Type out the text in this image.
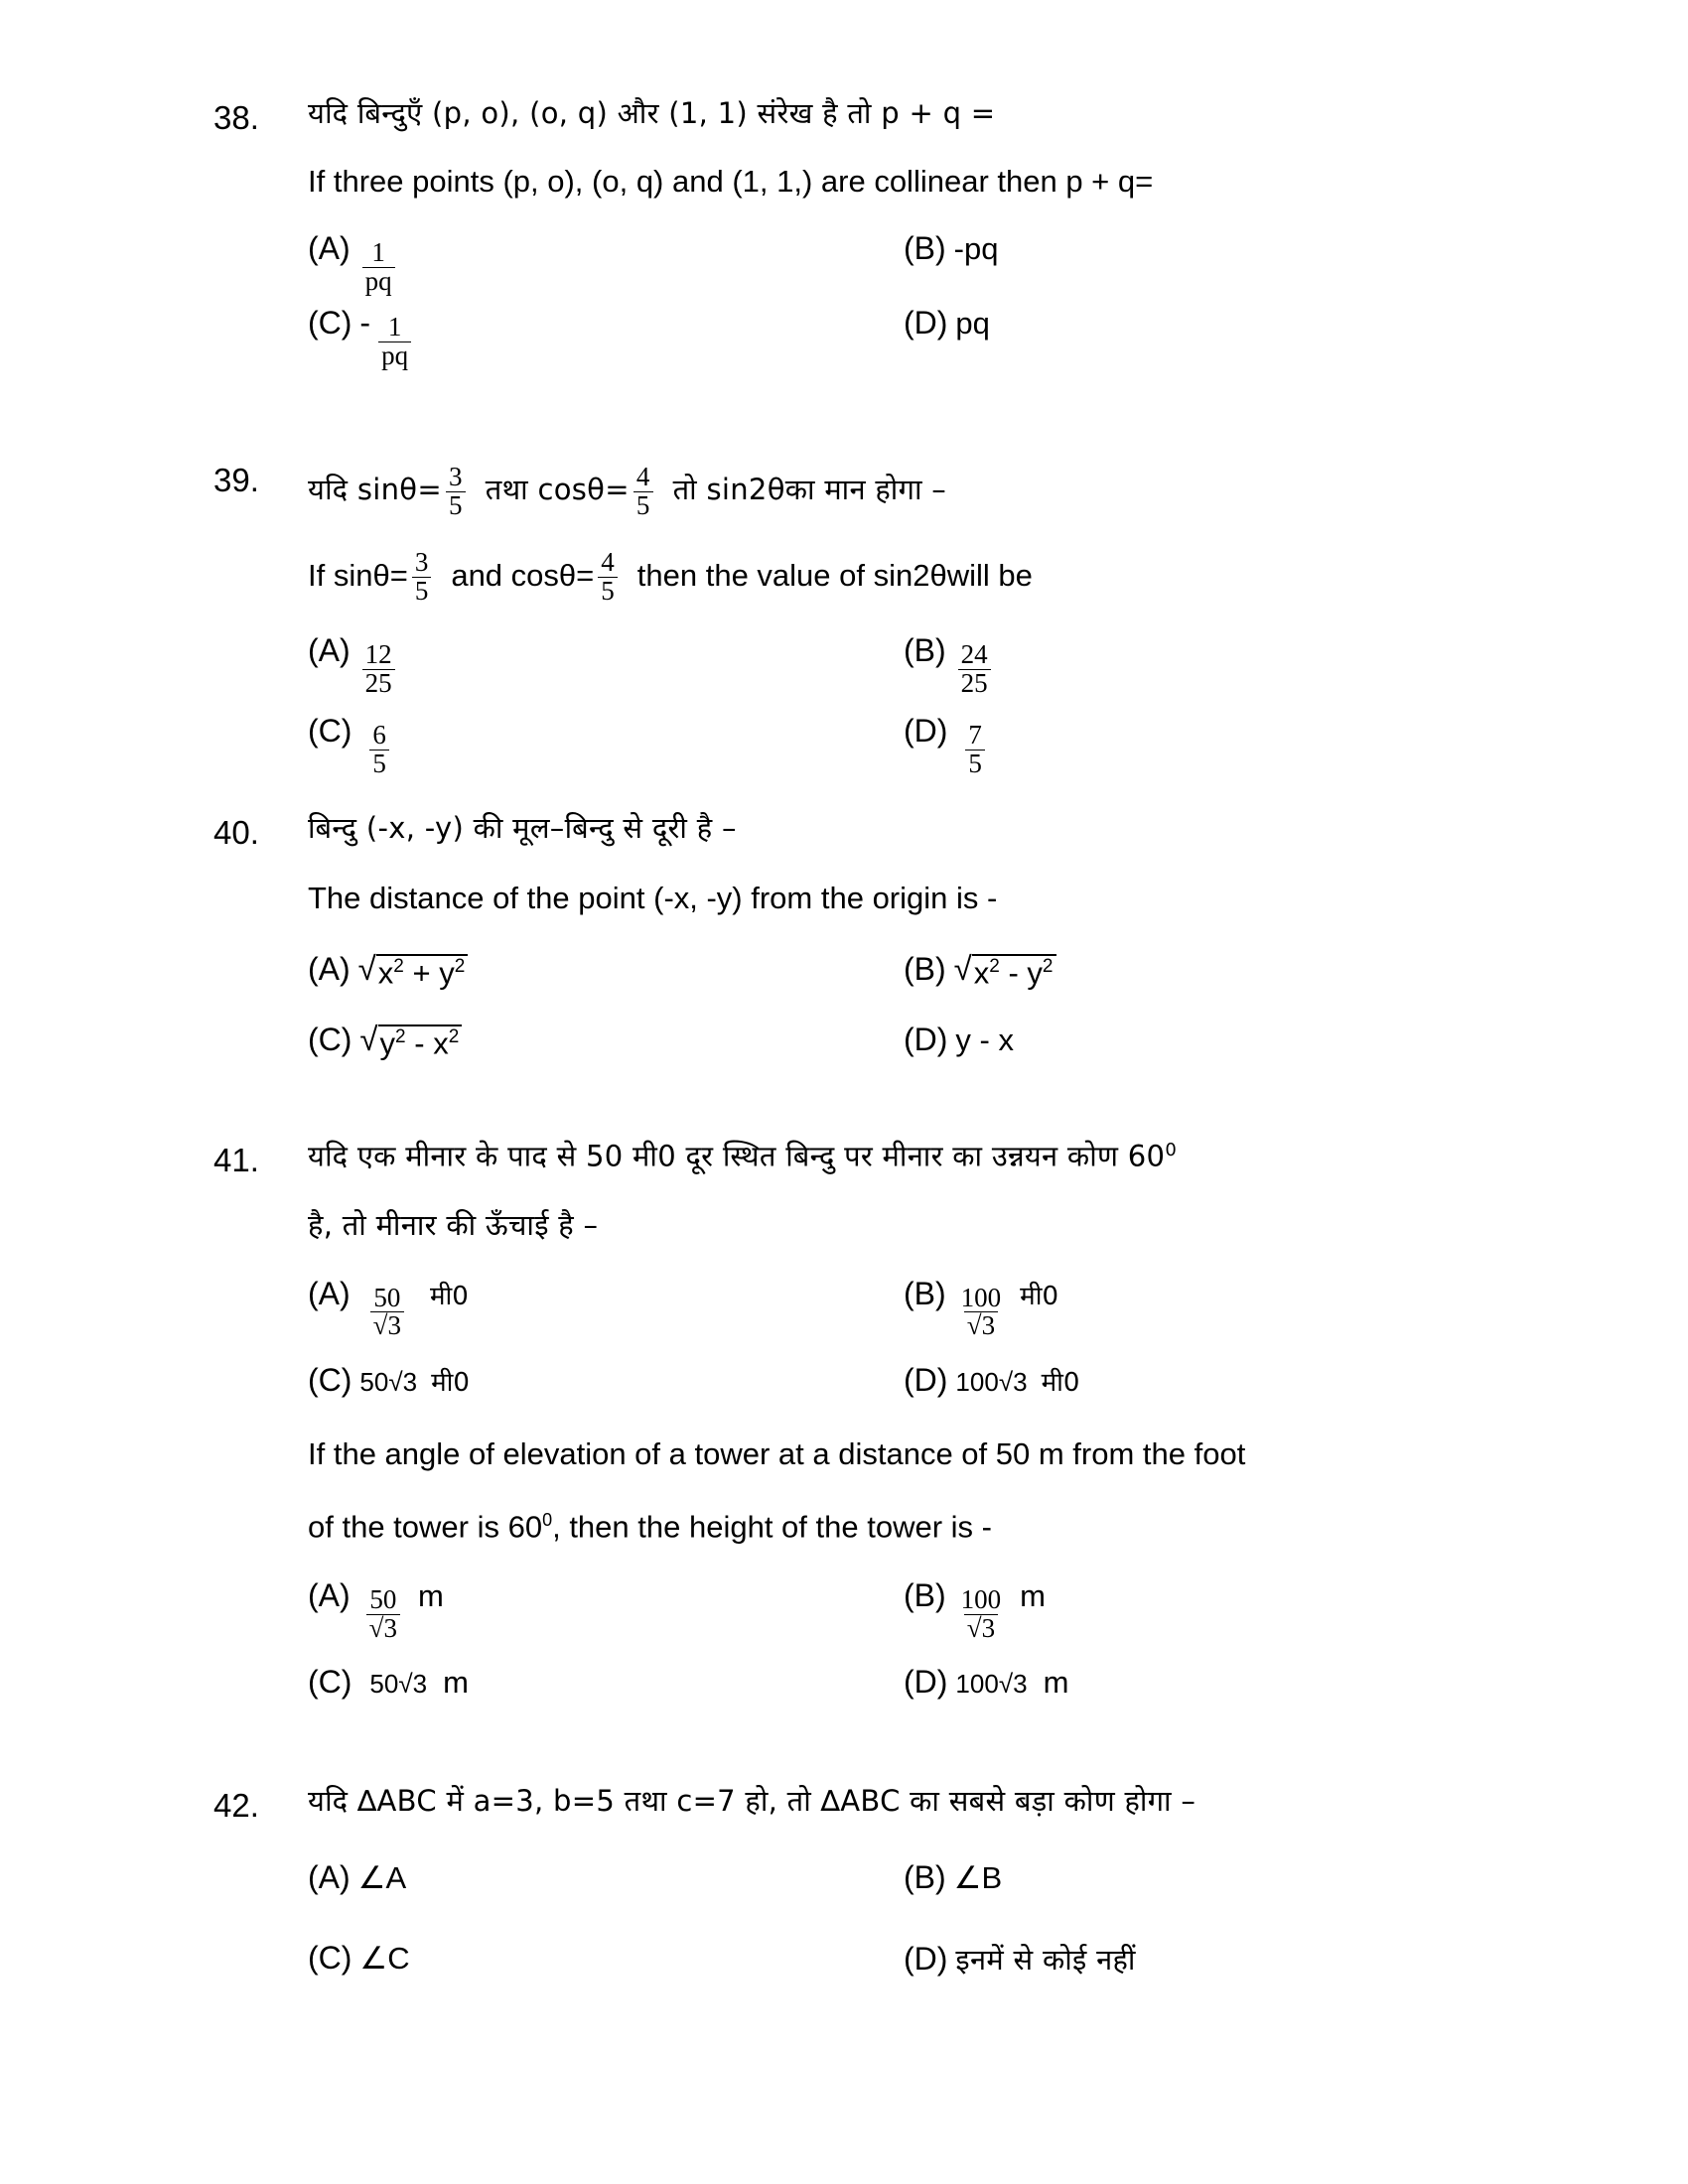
38.	यदि बिन्दुएँ (p, o), (o, q) और (1, 1) संरेख है तो p + q =
If three points (p, o), (o, q) and (1, 1,) are collinear then p + q=
$(A) \frac{1}{pq}$	(B) -pq
$(C) - \frac{1}{pq}$	(D) pq
39.	यदि $\sin \theta = \frac{3}{5}$ तथा $\cos \theta = \frac{4}{5}$ तो sin2 θ का मान होगा –
If $\sin \theta = \frac{3}{5}$ and $\cos \theta = \frac{4}{5}$ then the value of sin2 θ will be
$(A) \frac{12}{25}$	$(B) \frac{24}{25}$
$(C) \frac{6}{5}$	$(D) \frac{7}{5}$
40.	बिन्दु (-x, -y) की मूल–बिन्दु से दूरी है –
The distance of the point (-x, -y) from the origin is -
(A) √ $x^2 + y^2$	(B) √ $x^2 - y^2$
(C) √ $y^2 - x^2$	(D) y - x
41.	यदि एक मीनार के पाद से 50 मी0 दूर स्थित बिन्दु पर मीनार का उन्नयन कोण $60^0$
है, तो मीनार की ऊँचाई है –
$(A) \frac{50}{√3}$ मी0	$(B) \frac{100}{√3}$ मी0
(C) 50 √3 मी0	(D) 100 √3 मी0
If the angle of elevation of a tower at a distance of 50 m from the foot
of the tower is $60^0$, then the height of the tower is -
$(A) \frac{50}{√3}$ m	$(B) \frac{100}{√3}$ m
(C) 50 √3 m	(D) 100 √3 m
42.	यदि ∆ABC में a=3, b=5 तथा c=7 हो, तो ∆ABC का सबसे बड़ा कोण होगा –
(A) ∠A	(B) ∠B
(C) ∠C	(D) इनमें से कोई नहीं
